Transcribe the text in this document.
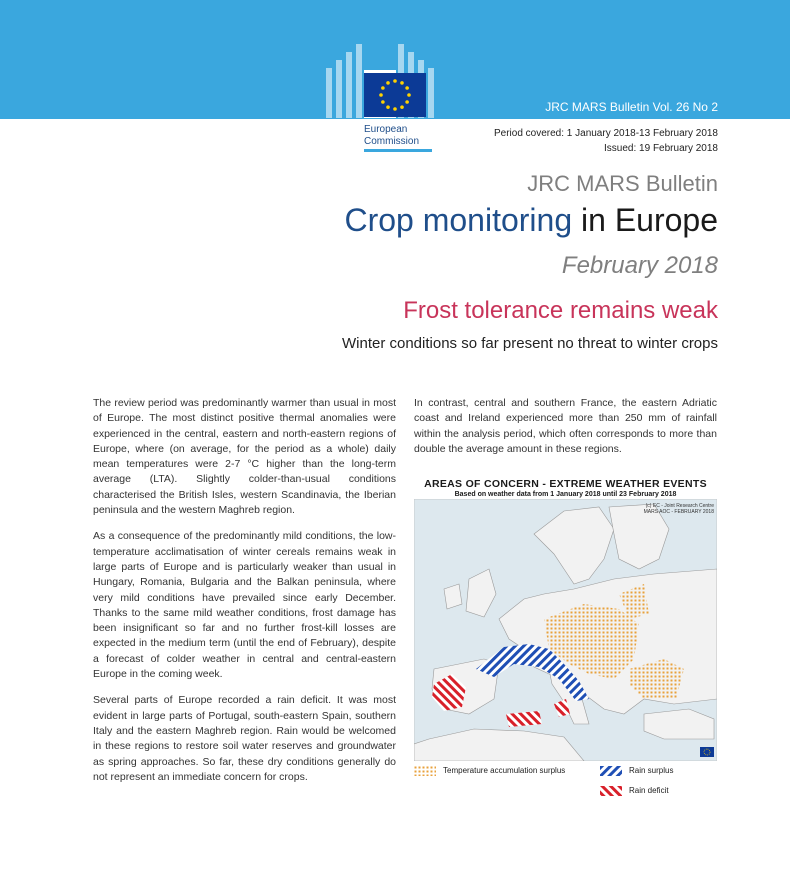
JRC MARS Bulletin Vol. 26 No 2
European
Commission
Period covered: 1 January 2018-13 February 2018
Issued: 19 February 2018
JRC MARS Bulletin
Crop monitoring in Europe
February 2018
Frost tolerance remains weak
Winter conditions so far present no threat to winter crops

The review period was predominantly warmer than usual in most of Europe. The most distinct positive thermal anomalies were experienced in the central, eastern and north-eastern regions of Europe, where (on average, for the period as a whole) daily mean temperatures were 2-7 °C higher than the long-term average (LTA). Slightly colder-than-usual conditions characterised the British Isles, western Scandinavia, the Iberian peninsula and the western Maghreb region.

As a consequence of the predominantly mild conditions, the low-temperature acclimatisation of winter cereals remains weak in large parts of Europe and is particularly weaker than usual in Hungary, Romania, Bulgaria and the Balkan peninsula, where very mild conditions have prevailed since early December. Thanks to the same mild weather conditions, frost damage has been insignificant so far and no further frost-kill losses are expected in the medium term (until the end of February), despite a forecast of colder weather in central and central-eastern Europe in the coming week.

Several parts of Europe recorded a rain deficit. It was most evident in large parts of Portugal, south-eastern Spain, southern Italy and the eastern Maghreb region. Rain would be welcomed in these regions to restore soil water reserves and groundwater as spring approaches. So far, these dry conditions generally do not represent an immediate concern for crops.

In contrast, central and southern France, the eastern Adriatic coast and Ireland experienced more than 250 mm of rainfall within the analysis period, which often corresponds to more than double the average amount in these regions.

AREAS OF CONCERN - EXTREME WEATHER EVENTS
Based on weather data from 1 January 2018 until 23 February 2018
(c) EC - Joint Research Centre
MARS AOC - FEBRUARY 2018
Temperature accumulation surplus	Rain surplus
Rain deficit
